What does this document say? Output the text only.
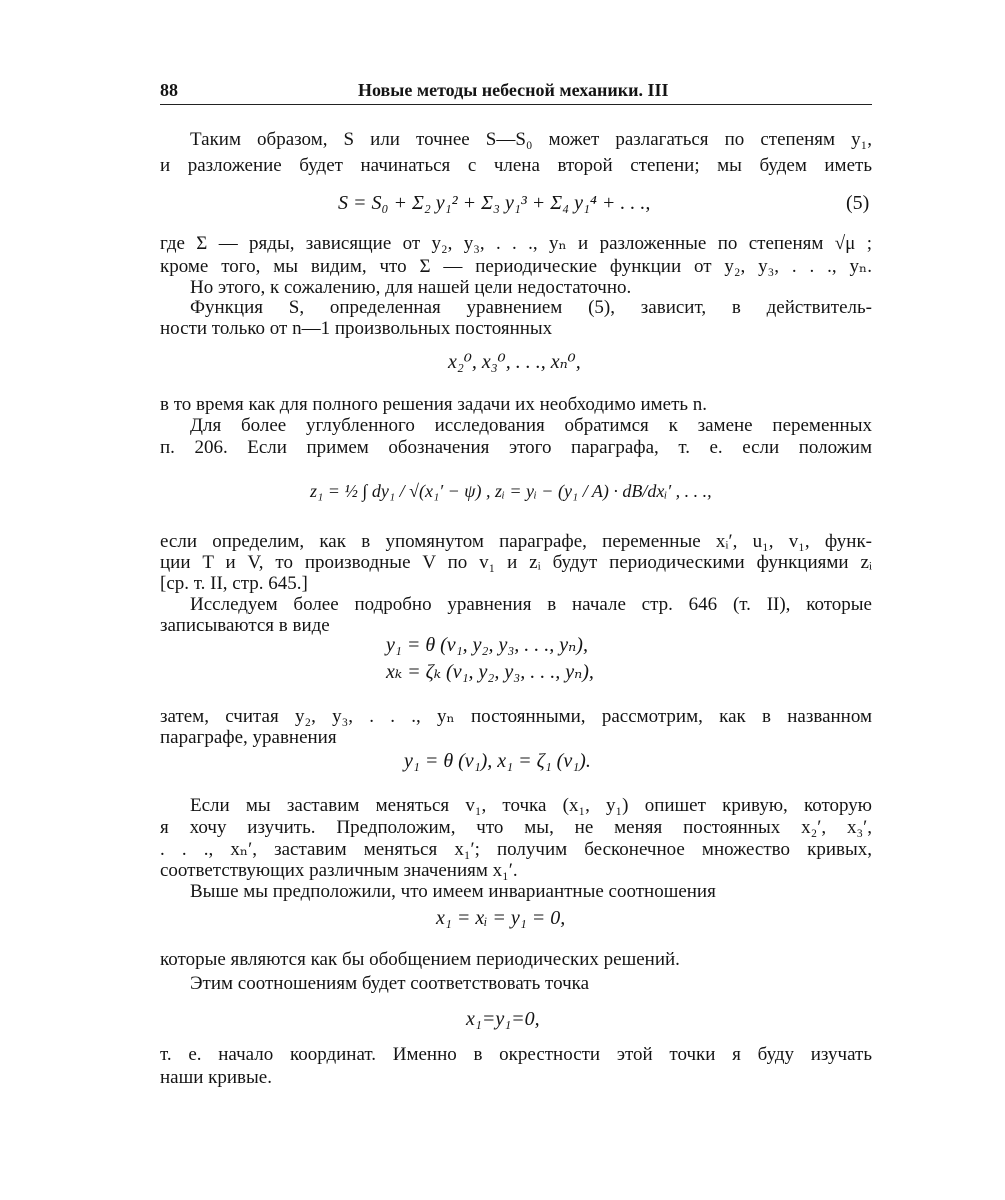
88	Новые методы небесной механики. III
Таким образом, S или точнее S—S₀ может разлагаться по степеням y₁,
и разложение будет начинаться с члена второй степени; мы будем иметь
S = S₀ + Σ₂ y₁² + Σ₃ y₁³ + Σ₄ y₁⁴ + . . .,	(5)
где Σ — ряды, зависящие от y₂, y₃, . . ., yₙ и разложенные по степеням √μ ;
кроме того, мы видим, что Σ — периодические функции от y₂, y₃, . . ., yₙ.
Но этого, к сожалению, для нашей цели недостаточно.
Функция S, определенная уравнением (5), зависит, в действитель-
ности только от n—1 произвольных постоянных
x₂⁰, x₃⁰, . . ., xₙ⁰,
в то время как для полного решения задачи их необходимо иметь n.
Для более углубленного исследования обратимся к замене переменных
п. 206. Если примем обозначения этого параграфа, т. е. если положим
z₁ = ½ ∫ dy₁ / √(x₁′ − ψ) , zᵢ = yᵢ − (y₁ / A) · dB/dxᵢ′ , . . .,
если определим, как в упомянутом параграфе, переменные xᵢ′, u₁, v₁, функ-
ции T и V, то производные V по v₁ и zᵢ будут периодическими функциями zᵢ
[ср. т. II, стр. 645.]
Исследуем более подробно уравнения в начале стр. 646 (т. II), которые
записываются в виде
y₁ = θ (v₁, y₂, y₃, . . ., yₙ),
xₖ = ζₖ (v₁, y₂, y₃, . . ., yₙ),
затем, считая y₂, y₃, . . ., yₙ постоянными, рассмотрим, как в названном
параграфе, уравнения
y₁ = θ (v₁), x₁ = ζ₁ (v₁).
Если мы заставим меняться v₁, точка (x₁, y₁) опишет кривую, которую
я хочу изучить. Предположим, что мы, не меняя постоянных x₂′, x₃′,
. . ., xₙ′, заставим меняться x₁′; получим бесконечное множество кривых,
соответствующих различным значениям x₁′.
Выше мы предположили, что имеем инвариантные соотношения
x₁ = xᵢ = y₁ = 0,
которые являются как бы обобщением периодических решений.
Этим соотношениям будет соответствовать точка
x₁=y₁=0,
т. е. начало координат. Именно в окрестности этой точки я буду изучать
наши кривые.
